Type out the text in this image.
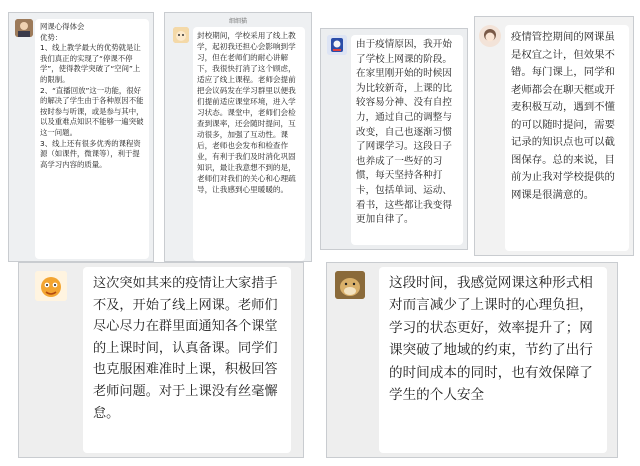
网课心得体会
优势：
1、线上教学最大的优势就是让我们真正的实现了“停课不停学”，使得教学突破了“空间”上的限制。
2、“直播回放”这一功能，很好的解决了学生由于各种原因不能按时参与听课，或是参与其中，以及重难点知识不能够一遍突破这一问题。
3、线上还有很多优秀的课程资源（如课件，微课等），利于提高学习内容的质量。

细细猫

封校期间，学校采用了线上教学，起初我还担心会影响到学习，但在老师们的耐心讲解下，我很快打消了这个顾虑，适应了线上课程。老师会提前把会议码发在学习群里以便我们提前适应课堂环境，进入学习状态。课堂中，老师们会检查到课率，还会随时提问，互动很多，加强了互动性。课后，老师也会发布和检查作业，有利于我们及时消化巩固知识，最让我意想不到的是，老师们对我们的关心和心理疏导，让我感到心里暖暖的。

由于疫情原因，我开始了学校上网课的阶段。在家里刚开始的时候因为比较新奇，上课的比较容易分神、没有自控力，通过自己的调整与改变，自己也逐渐习惯了网课学习。这段日子也养成了一些好的习惯，每天坚持各种打卡，包括单词、运动、看书，这些都让我变得更加自律了。

疫情管控期间的网课虽是权宜之计，但效果不错。每门课上，同学和老师都会在聊天框或开麦积极互动，遇到不懂的可以随时提问，需要记录的知识点也可以截图保存。总的来说，目前为止我对学校提供的网课是很满意的。

这次突如其来的疫情让大家措手不及，开始了线上网课。老师们尽心尽力在群里面通知各个课堂的上课时间，认真备课。同学们也克服困难准时上课，积极回答老师问题。对于上课没有丝毫懈怠。

这段时间，我感觉网课这种形式相对而言减少了上课时的心理负担，学习的状态更好，效率提升了；网课突破了地域的约束，节约了出行的时间成本的同时，也有效保障了学生的个人安全
